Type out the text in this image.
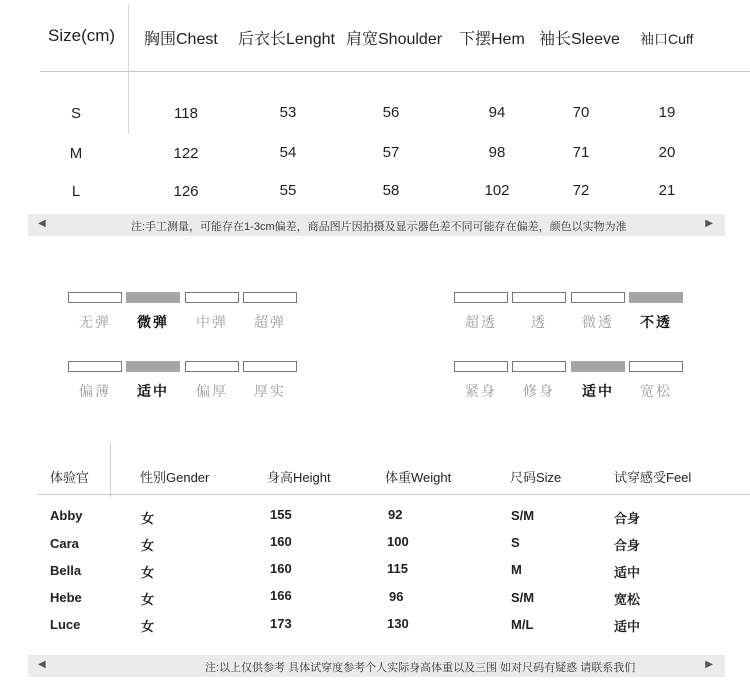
Size(cm) 胸围Chest 后衣长Lenght 肩宽Shoulder 下摆Hem 袖长Sleeve 袖口Cuff
S	118	53	56	94	70	19
M	122	54	57	98	71	20
L	126	55	58	102	72	21
◀	注:手工测量，可能存在1-3cm偏差，商品图片因拍摄及显示器色差不同可能存在偏差，颜色以实物为准	▶
无弹	微弹	中弹	超弹	超透	透	微透	不透
偏薄	适中	偏厚	厚实	紧身	修身	适中	宽松
体验官	性别Gender	身高Height	体重Weight	尺码Size	试穿感受Feel
Abby	女	155	92	S/M	合身
Cara	女	160	100	S	合身
Bella	女	160	115	M	适中
Hebe	女	166	96	S/M	宽松
Luce	女	173	130	M/L	适中
◀	注:以上仅供参考 具体试穿度参考个人实际身高体重以及三围 如对尺码有疑惑 请联系我们	▶
